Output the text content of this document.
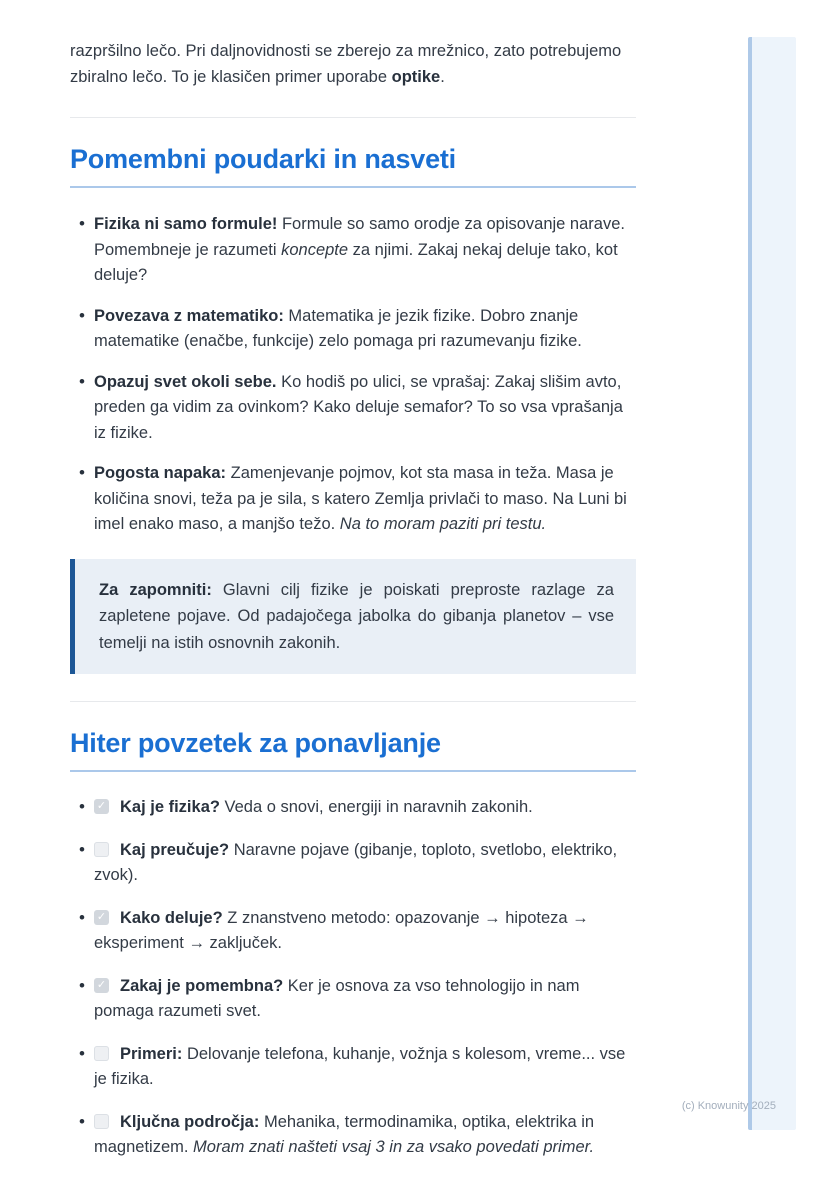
razpršilno lečo. Pri daljnovidnosti se zberejo za mrežnico, zato potrebujemo zbiralno lečo. To je klasičen primer uporabe optike.

Pomembni poudarki in nasveti
• Fizika ni samo formule! Formule so samo orodje za opisovanje narave. Pomembneje je razumeti koncepte za njimi. Zakaj nekaj deluje tako, kot deluje?
• Povezava z matematiko: Matematika je jezik fizike. Dobro znanje matematike (enačbe, funkcije) zelo pomaga pri razumevanju fizike.
• Opazuj svet okoli sebe. Ko hodiš po ulici, se vprašaj: Zakaj slišim avto, preden ga vidim za ovinkom? Kako deluje semafor? To so vsa vprašanja iz fizike.
• Pogosta napaka: Zamenjevanje pojmov, kot sta masa in teža. Masa je količina snovi, teža pa je sila, s katero Zemlja privlači to maso. Na Luni bi imel enako maso, a manjšo težo. Na to moram paziti pri testu.
Za zapomniti: Glavni cilj fizike je poiskati preproste razlage za zapletene pojave. Od padajočega jabolka do gibanja planetov – vse temelji na istih osnovnih zakonih.
Hiter povzetek za ponavljanje
✓• Kaj je fizika? Veda o snovi, energiji in naravnih zakonih.
• Kaj preučuje? Naravne pojave (gibanje, toploto, svetlobo, elektriko, zvok).
✓• Kako deluje? Z znanstveno metodo: opazovanje → hipoteza → eksperiment → zaključek.
✓• Zakaj je pomembna? Ker je osnova za vso tehnologijo in nam pomaga razumeti svet.
• Primeri: Delovanje telefona, kuhanje, vožnja s kolesom, vreme... vse je fizika.
• Ključna področja: Mehanika, termodinamika, optika, elektrika in magnetizem. Moram znati našteti vsaj 3 in za vsako povedati primer.
(c) Knowunity 2025
